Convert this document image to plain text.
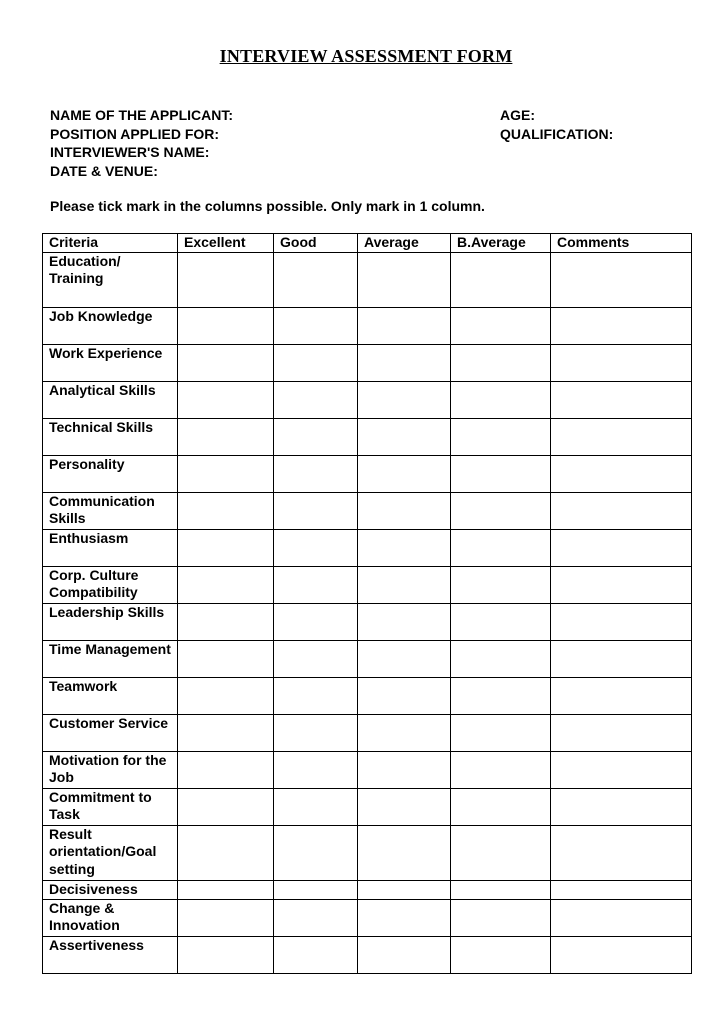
INTERVIEW ASSESSMENT FORM
NAME OF THE APPLICANT:
POSITION APPLIED FOR:
INTERVIEWER'S NAME:
DATE & VENUE:
AGE:
QUALIFICATION:

Please tick mark in the columns possible. Only mark in 1 column.

Criteria	Excellent	Good	Average	B.Average	Comments
Education/ Training					
Job Knowledge					
Work Experience					
Analytical Skills					
Technical Skills					
Personality					
Communication Skills					
Enthusiasm					
Corp. Culture Compatibility					
Leadership Skills					
Time Management					
Teamwork					
Customer Service					
Motivation for the Job					
Commitment to Task					
Result orientation/Goal setting					
Decisiveness					
Change & Innovation					
Assertiveness					
